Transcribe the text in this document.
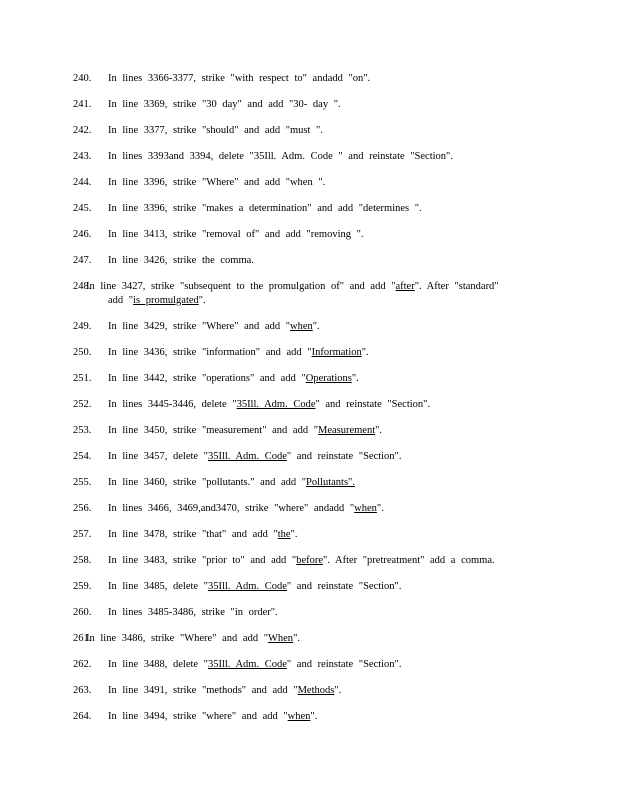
240. In lines 3366-3377, strike "with respect to" andadd "on".
241. In line 3369, strike "30 day" and add "30- day ".
242. In line 3377, strike "should" and add "must ".
243. In lines 3393and 3394, delete "35Ill. Adm. Code " and reinstate "Section".
244. In line 3396, strike "Where" and add "when ".
245. In line 3396, strike "makes a determination" and add "determines ".
246. In line 3413, strike "removal of" and add "removing ".
247. In line 3426, strike the comma.
248.
In line 3427, strike "subsequent to the promulgation of" and add "after". After "standard"
add "is promulgated".
249. In line 3429, strike "Where" and add "when".
250. In line 3436, strike "information" and add "Information".
251. In line 3442, strike "operations" and add "Operations".
252. In lines 3445-3446, delete "35Ill. Adm. Code" and reinstate "Section".
253. In line 3450, strike "measurement" and add "Measurement".
254. In line 3457, delete "35Ill. Adm. Code" and reinstate "Section".
255. In line 3460, strike "pollutants." and add "Pollutants".
256. In lines 3466, 3469,and3470, strike "where" andadd "when".
257. In line 3478, strike "that" and add "the".
258. In line 3483, strike "prior to" and add "before". After "pretreatment" add a comma.
259. In line 3485, delete "35Ill. Adm. Code" and reinstate "Section".
260. In lines 3485-3486, strike "in order".
261.
In line 3486, strike "Where" and add "When".
262. In line 3488, delete "35Ill. Adm. Code" and reinstate "Section".
263. In line 3491, strike "methods" and add "Methods".
264. In line 3494, strike "where" and add "when".
